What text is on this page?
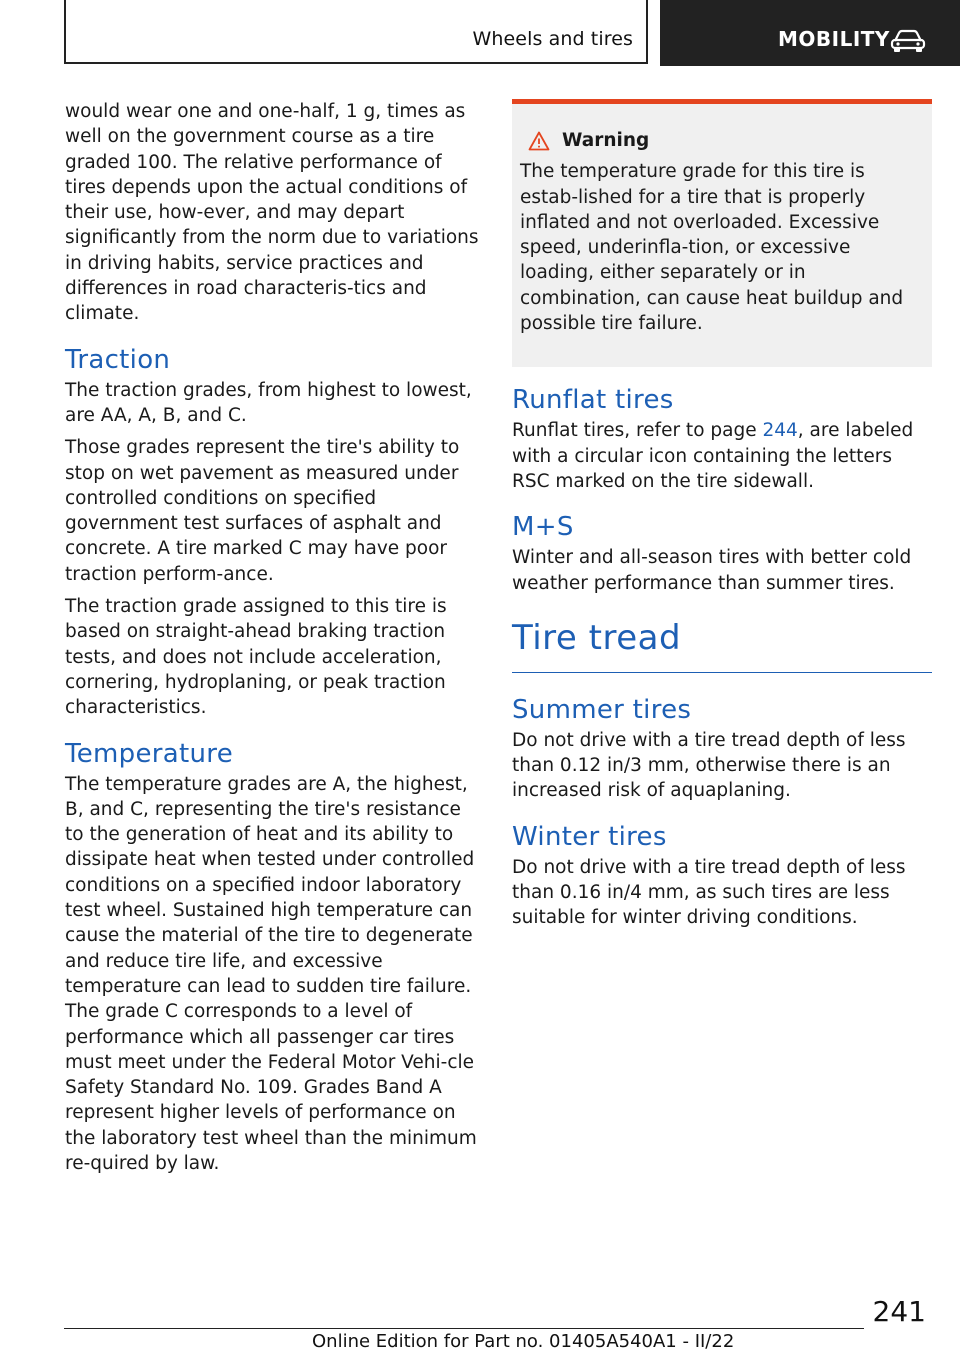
Wheels and tires	MOBILITY

would wear one and one-half, 1 g, times as well on the government course as a tire graded 100. The relative performance of tires depends upon the actual conditions of their use, how-ever, and may depart significantly from the norm due to variations in driving habits, service practices and differences in road characteris-tics and climate.

Traction

The traction grades, from highest to lowest, are AA, A, B, and C.

Those grades represent the tire's ability to stop on wet pavement as measured under controlled conditions on specified government test surfaces of asphalt and concrete. A tire marked C may have poor traction perform-ance.

The traction grade assigned to this tire is based on straight-ahead braking traction tests, and does not include acceleration, cornering, hydroplaning, or peak traction characteristics.

Temperature

The temperature grades are A, the highest, B, and C, representing the tire's resistance to the generation of heat and its ability to dissipate heat when tested under controlled conditions on a specified indoor laboratory test wheel. Sustained high temperature can cause the material of the tire to degenerate and reduce tire life, and excessive temperature can lead to sudden tire failure. The grade C corresponds to a level of performance which all passenger car tires must meet under the Federal Motor Vehi-cle Safety Standard No. 109. Grades Band A represent higher levels of performance on the laboratory test wheel than the minimum re-quired by law.

Warning

The temperature grade for this tire is estab-lished for a tire that is properly inflated and not overloaded. Excessive speed, underinfla-tion, or excessive loading, either separately or in combination, can cause heat buildup and possible tire failure.

Runflat tires

Runflat tires, refer to page 244, are labeled with a circular icon containing the letters RSC marked on the tire sidewall.

M+S

Winter and all-season tires with better cold weather performance than summer tires.

Tire tread
Summer tires

Do not drive with a tire tread depth of less than 0.12 in/3 mm, otherwise there is an increased risk of aquaplaning.

Winter tires

Do not drive with a tire tread depth of less than 0.16 in/4 mm, as such tires are less suitable for winter driving conditions.

241
Online Edition for Part no. 01405A540A1 - II/22
